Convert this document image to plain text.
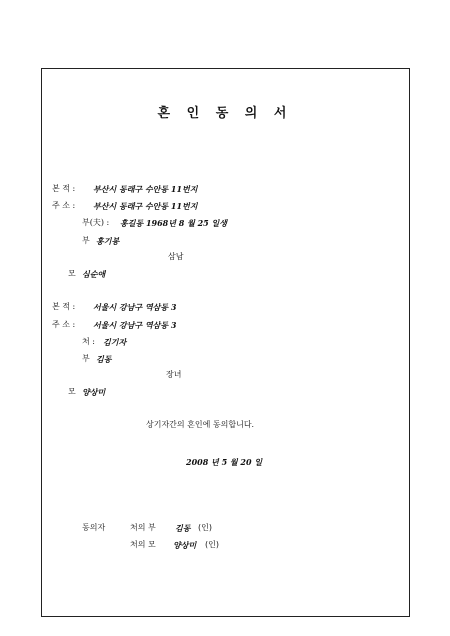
혼 인 동 의 서
본 적 : 부산시 동래구 수안동 11번지
주 소 : 부산시 동래구 수안동 11번지
부(夫) : 홍길동 1968년 8 월 25 일생
부 홍기봉
삼남
모 심순애
본 적 : 서울시 강남구 역삼동 3
주 소 : 서울시 강남구 역삼동 3
처 : 김기자
부 김동
장녀
모 양상미
상기자간의 혼인에 동의합니다.
2008 년 5 월 20 일
동의자	처의 부 김동 (인)
처의 모 양상미 (인)
